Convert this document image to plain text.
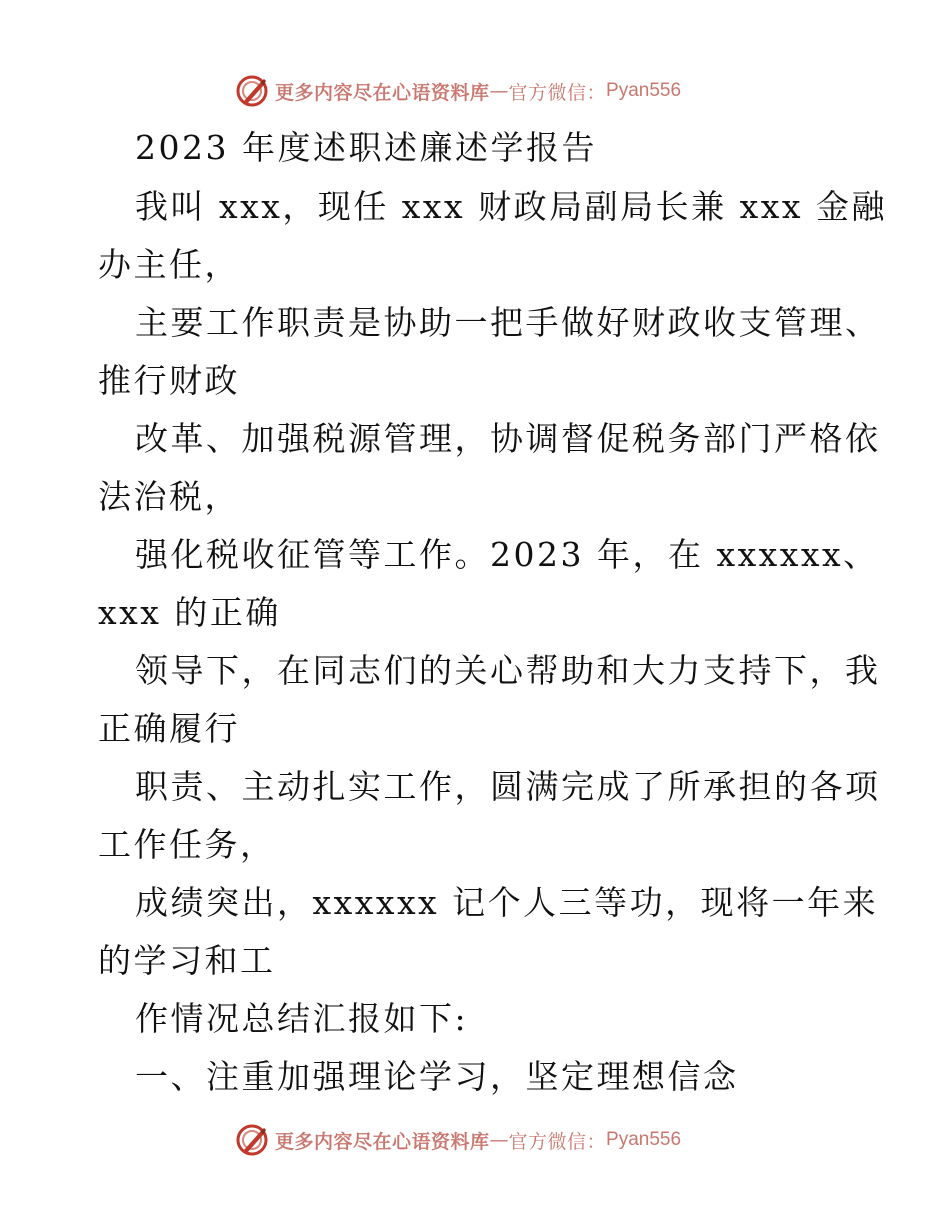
更多内容尽在心语资料库 — 官方微信： Pyan556
2023 年度述职述廉述学报告
我叫 xxx，现任 xxx 财政局副局长兼 xxx 金融
办主任，
主要工作职责是协助一把手做好财政收支管理、
推行财政
改革、加强税源管理，协调督促税务部门严格依
法治税，
强化税收征管等工作。2023 年，在 xxxxxx、
xxx 的正确
领导下，在同志们的关心帮助和大力支持下，我
正确履行
职责、主动扎实工作，圆满完成了所承担的各项
工作任务，
成绩突出，xxxxxx 记个人三等功，现将一年来
的学习和工
作情况总结汇报如下:
一、注重加强理论学习，坚定理想信念
更多内容尽在心语资料库 — 官方微信： Pyan556
